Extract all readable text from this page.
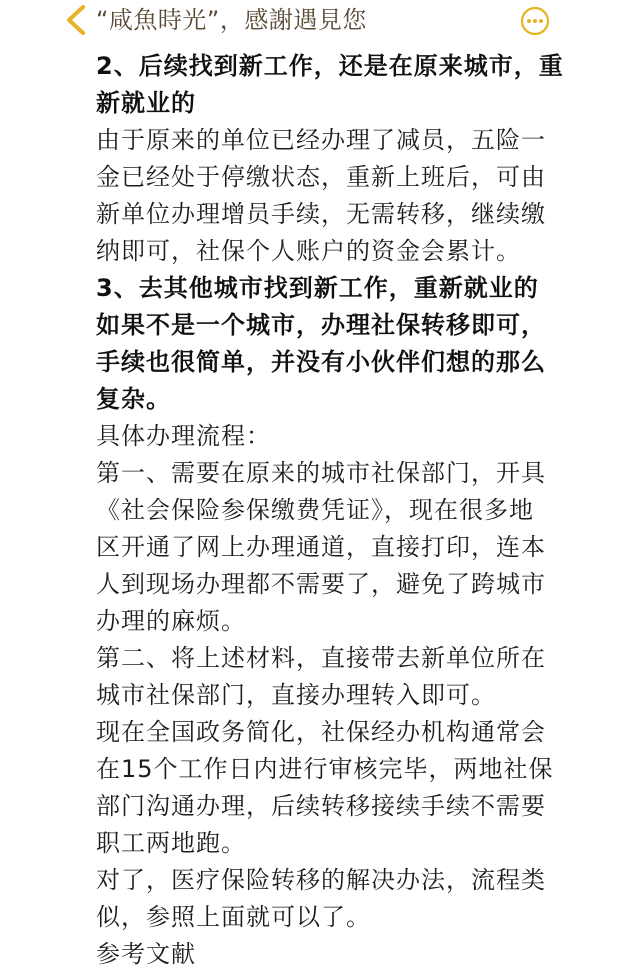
“咸魚時光”，感謝遇見您
2、后续找到新工作，还是在原来城市，重
新就业的
由于原来的单位已经办理了减员，五险一
金已经处于停缴状态，重新上班后，可由
新单位办理增员手续，无需转移，继续缴
纳即可，社保个人账户的资金会累计。
3、去其他城市找到新工作，重新就业的
如果不是一个城市，办理社保转移即可，
手续也很简单，并没有小伙伴们想的那么
复杂。
具体办理流程：
第一、需要在原来的城市社保部门，开具
《社会保险参保缴费凭证》，现在很多地
区开通了网上办理通道，直接打印，连本
人到现场办理都不需要了，避免了跨城市
办理的麻烦。
第二、将上述材料，直接带去新单位所在
城市社保部门，直接办理转入即可。
现在全国政务简化，社保经办机构通常会
在15个工作日内进行审核完毕，两地社保
部门沟通办理，后续转移接续手续不需要
职工两地跑。
对了，医疗保险转移的解决办法，流程类
似，参照上面就可以了。
参考文献
